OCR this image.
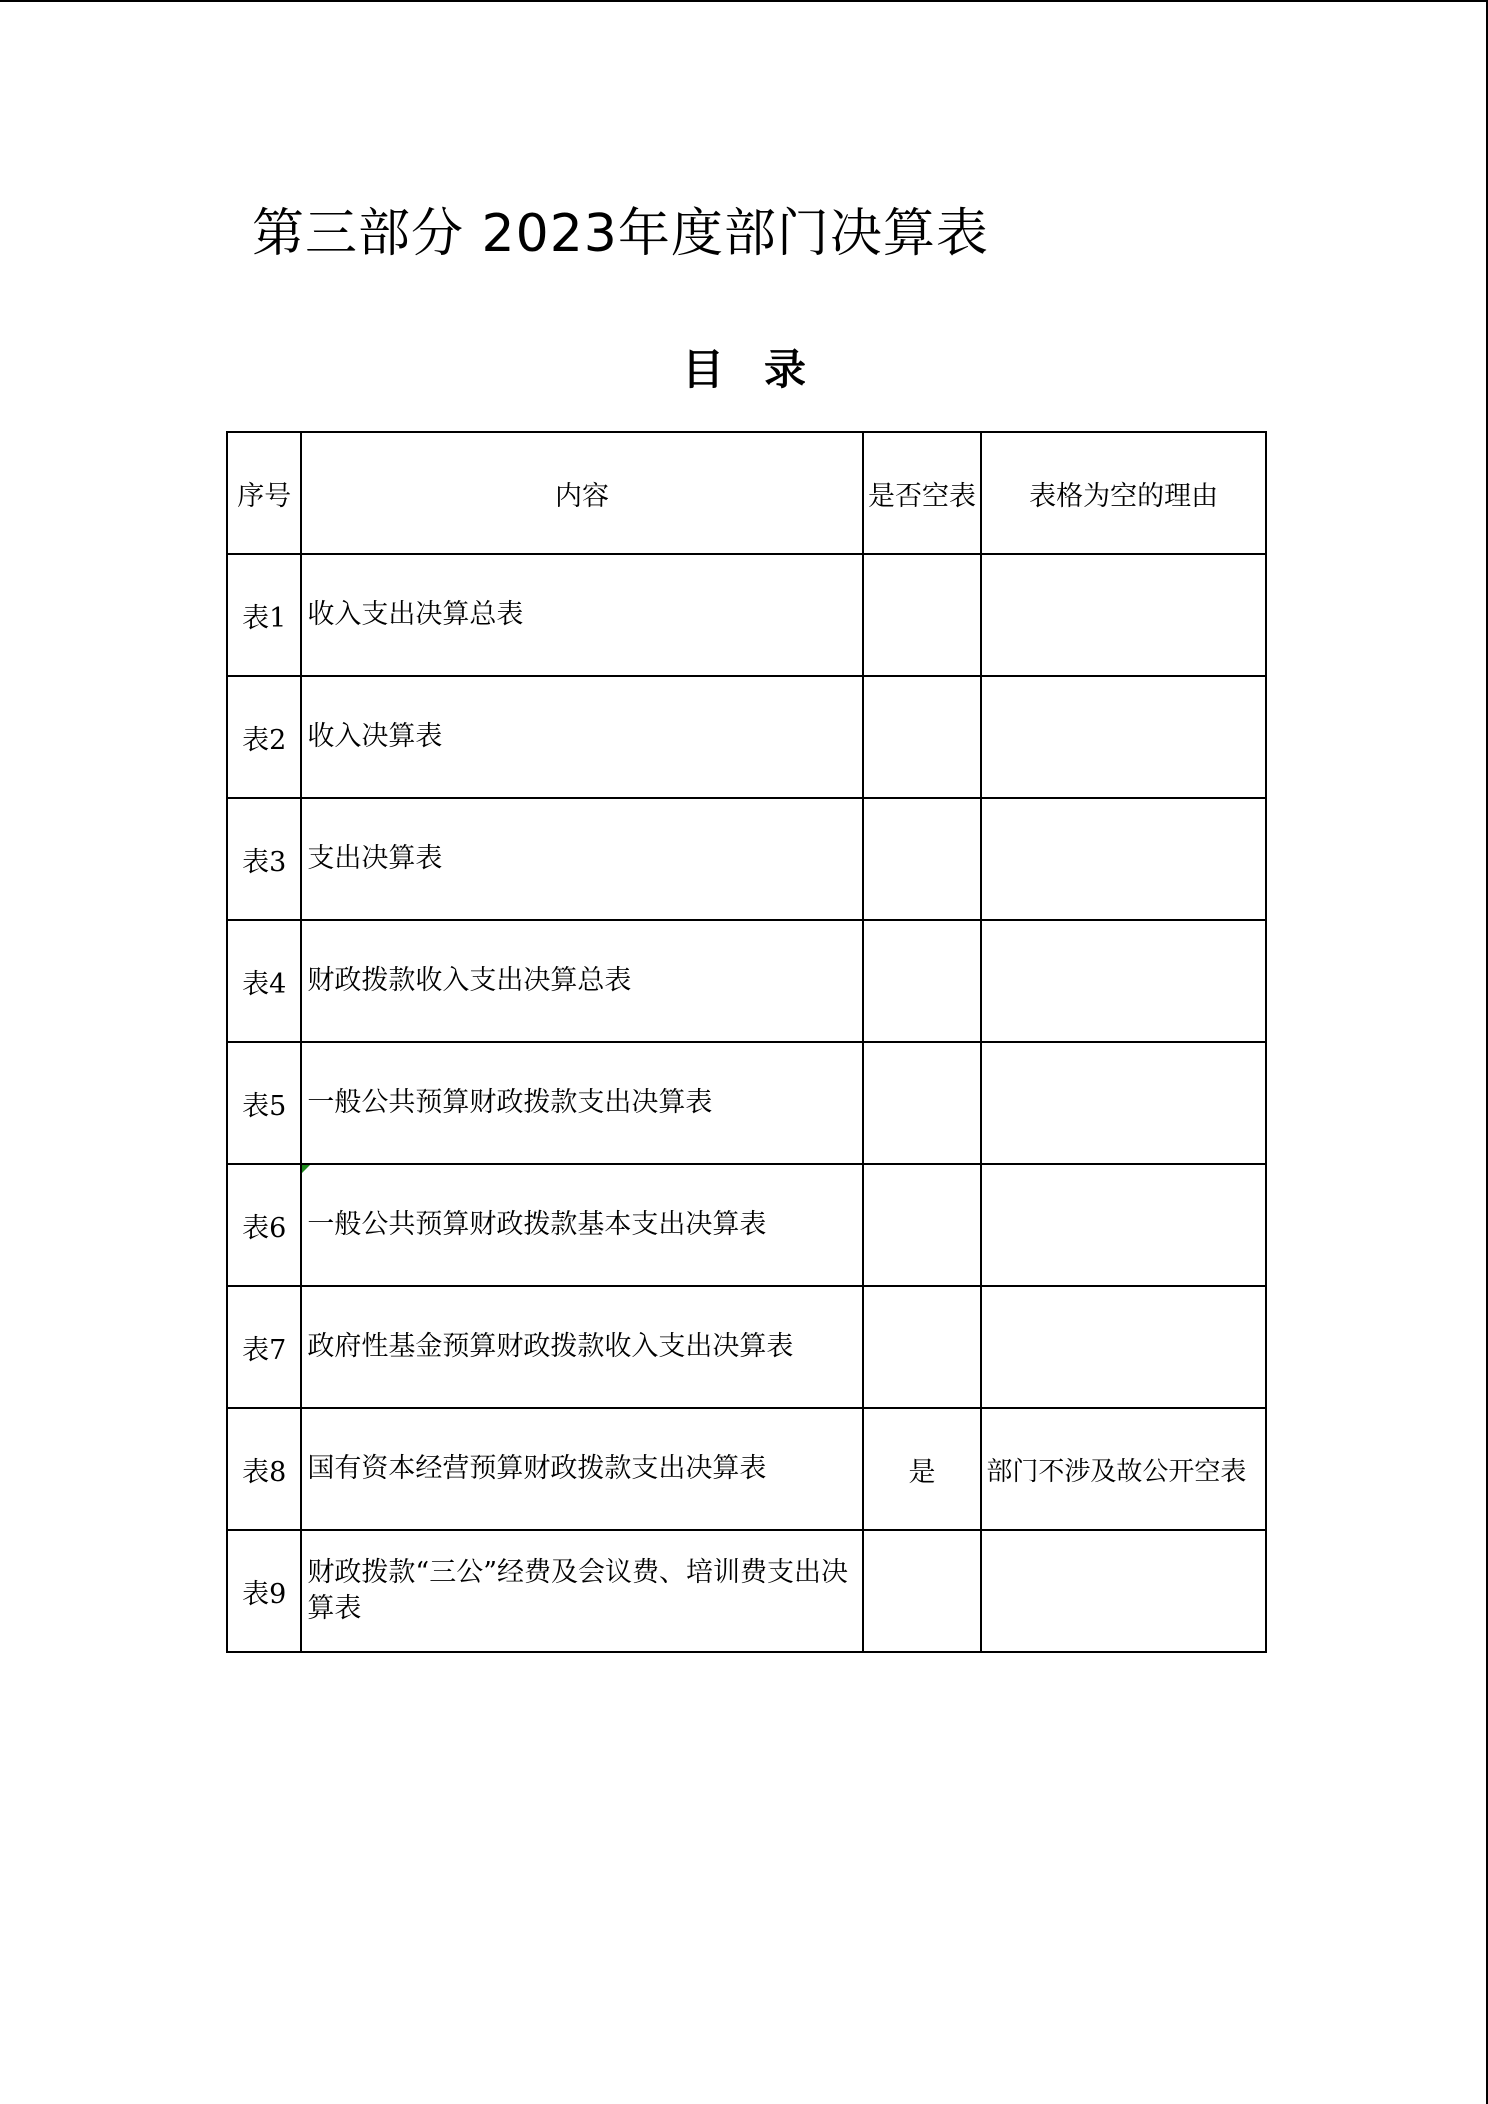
第三部分 2023年度部门决算表
目录
序号	内容	是否空表	表格为空的理由
表1	收入支出决算总表		
表2	收入决算表		
表3	支出决算表		
表4	财政拨款收入支出决算总表		
表5	一般公共预算财政拨款支出决算表		
表6	一般公共预算财政拨款基本支出决算表		
表7	政府性基金预算财政拨款收入支出决算表		
表8	国有资本经营预算财政拨款支出决算表	是	部门不涉及故公开空表
表9	财政拨款“三公”经费及会议费、培训费支出决算表		
